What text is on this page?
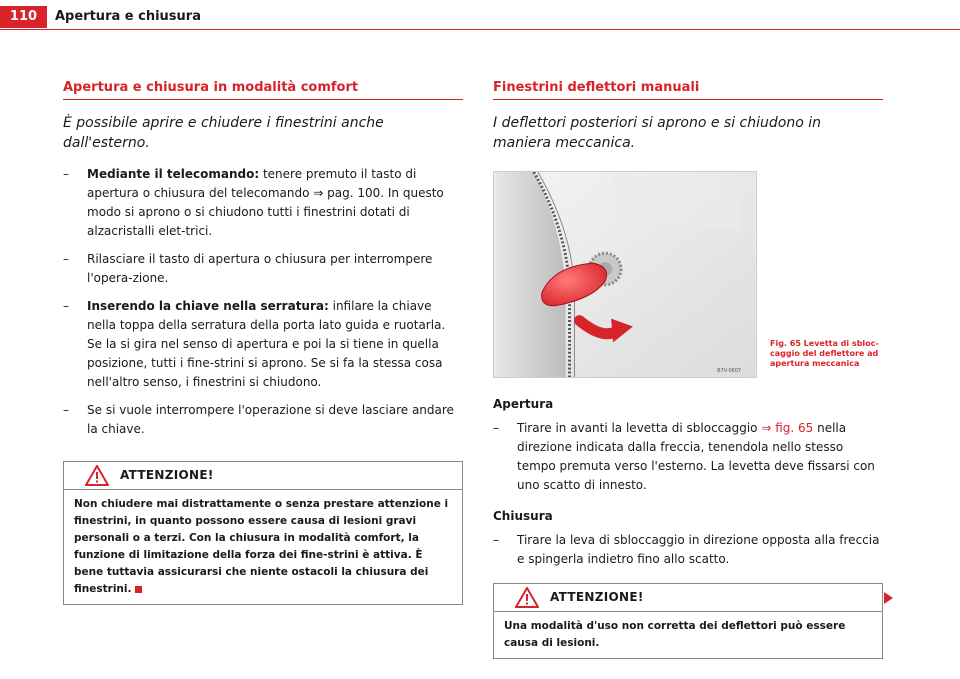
110	Apertura e chiusura
Apertura e chiusura in modalità comfort
È possibile aprire e chiudere i finestrini anche dall'esterno.
– Mediante il telecomando: tenere premuto il tasto di apertura o chiusura del telecomando ⇒ pag. 100. In questo modo si aprono o si chiudono tutti i finestrini dotati di alzacristalli elet-trici.
– Rilasciare il tasto di apertura o chiusura per interrompere l'opera-zione.
– Inserendo la chiave nella serratura: infilare la chiave nella toppa della serratura della porta lato guida e ruotarla. Se la si gira nel senso di apertura e poi la si tiene in quella posizione, tutti i fine-strini si aprono. Se si fa la stessa cosa nell'altro senso, i finestrini si chiudono.
– Se si vuole interrompere l'operazione si deve lasciare andare la chiave.
ATTENZIONE!
Non chiudere mai distrattamente o senza prestare attenzione i finestrini, in quanto possono essere causa di lesioni gravi personali o a terzi. Con la chiusura in modalità comfort, la funzione di limitazione della forza dei fine-strini è attiva. È bene tuttavia assicurarsi che niente ostacoli la chiusura dei finestrini.
Finestrini deflettori manuali
I deflettori posteriori si aprono e si chiudono in maniera meccanica.
B7V-0607
Fig. 65 Levetta di sbloc-caggio del deflettore ad apertura meccanica
Apertura
– Tirare in avanti la levetta di sbloccaggio ⇒ fig. 65 nella direzione indicata dalla freccia, tenendola nello stesso tempo premuta verso l'esterno. La levetta deve fissarsi con uno scatto di innesto.
Chiusura
– Tirare la leva di sbloccaggio in direzione opposta alla freccia e spingerla indietro fino allo scatto.
ATTENZIONE!
Una modalità d'uso non corretta dei deflettori può essere causa di lesioni.
